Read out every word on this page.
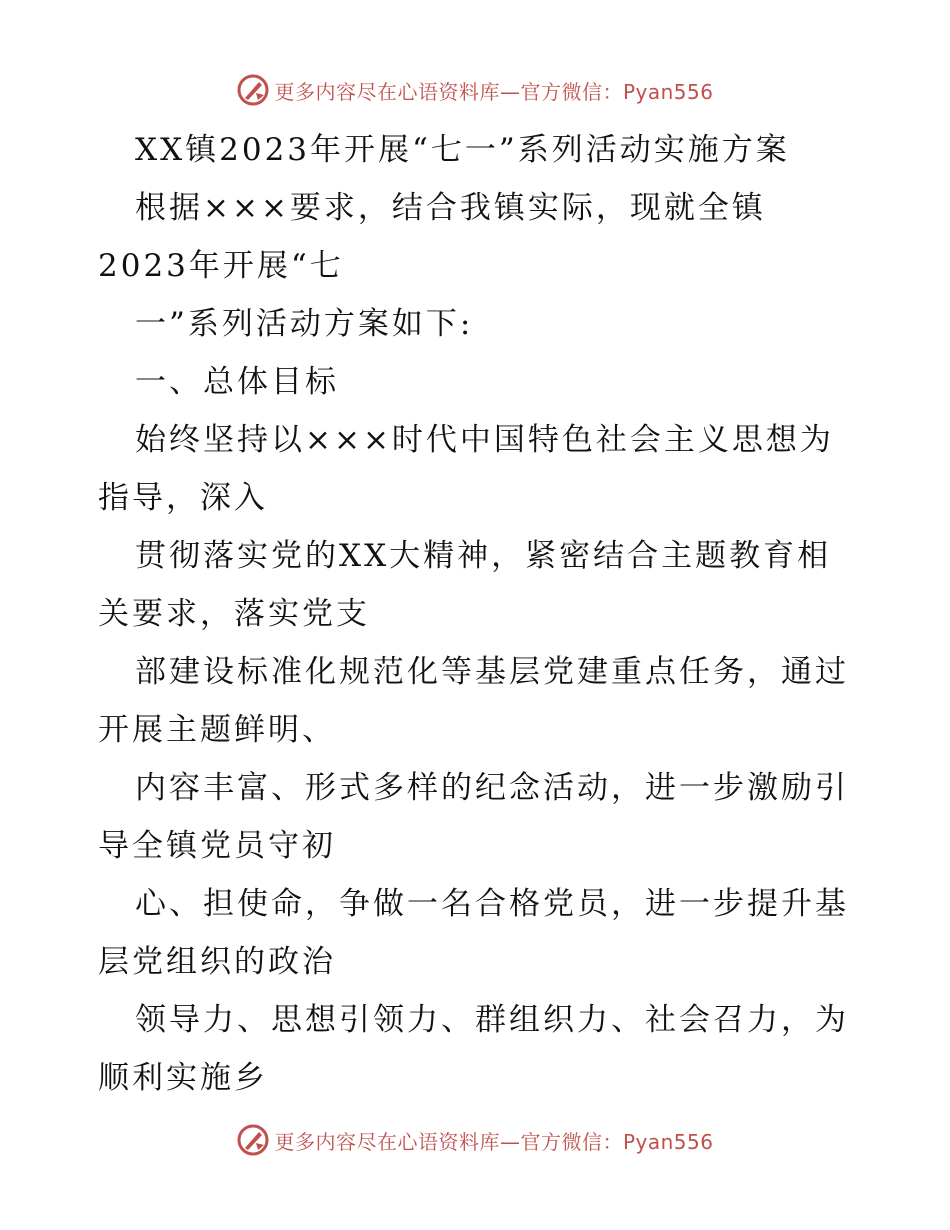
更多内容尽在心语资料库—官方微信：Pyan556
XX镇2023年开展“七一”系列活动实施方案
根据×××要求，结合我镇实际，现就全镇
2023年开展“七
一”系列活动方案如下:
一、总体目标
始终坚持以×××时代中国特色社会主义思想为
指导，深入
贯彻落实党的XX大精神，紧密结合主题教育相
关要求，落实党支
部建设标准化规范化等基层党建重点任务，通过
开展主题鲜明、
内容丰富、形式多样的纪念活动，进一步激励引
导全镇党员守初
心、担使命，争做一名合格党员，进一步提升基
层党组织的政治
领导力、思想引领力、群组织力、社会召力，为
顺利实施乡
更多内容尽在心语资料库—官方微信：Pyan556
